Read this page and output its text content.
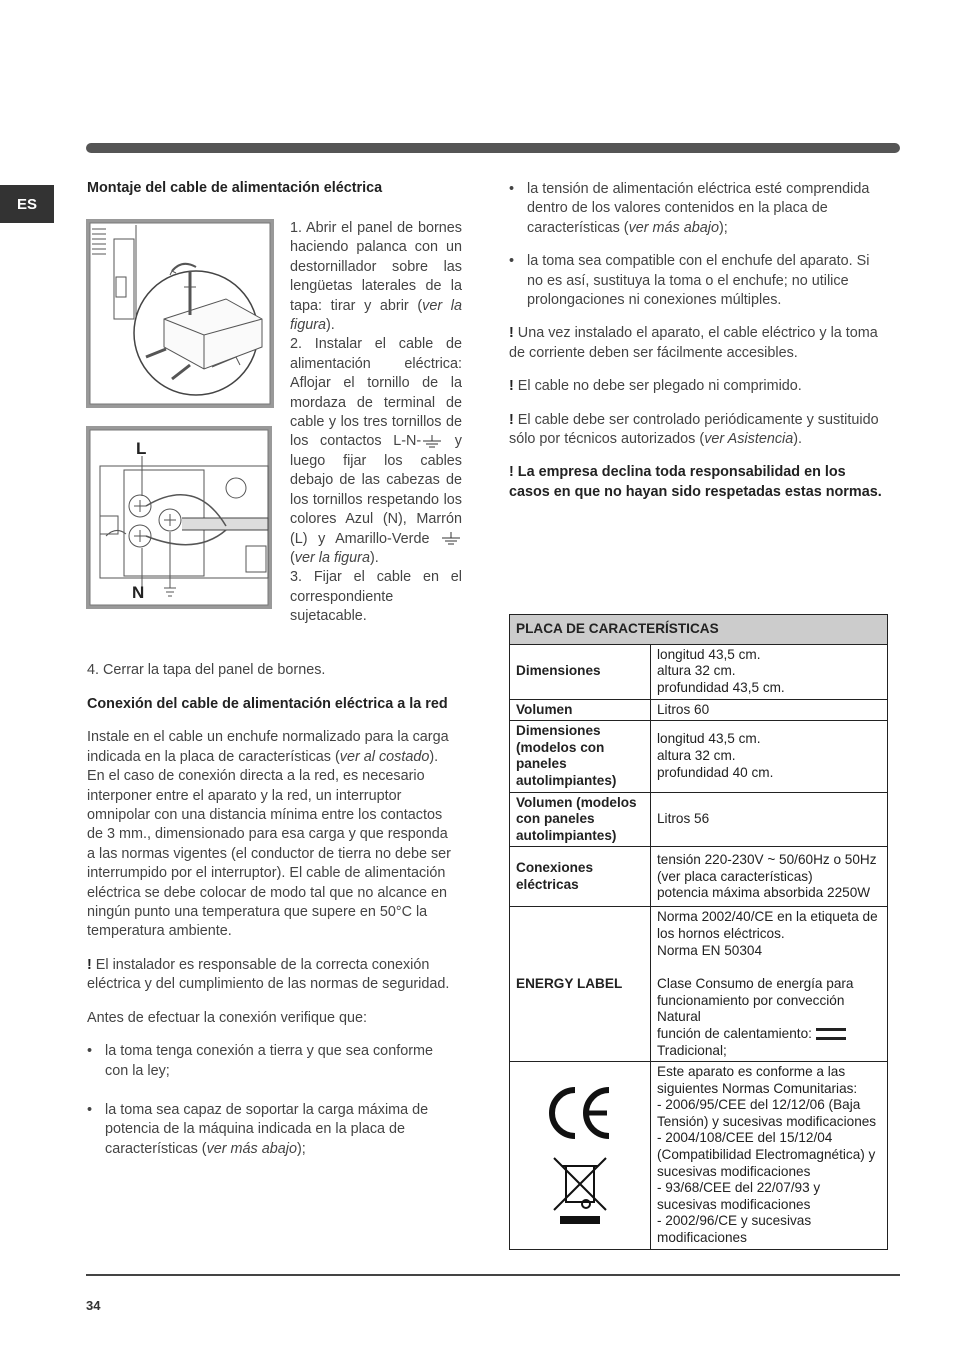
ES

Montaje del cable de alimentación eléctrica

L
N

1. Abrir el panel de bornes haciendo palanca con un destornillador sobre las lengüetas laterales de la tapa: tirar y abrir (ver la figura).

2. Instalar el cable de alimentación eléctrica: Aflojar el tornillo de la mordaza de terminal de cable y los tres tornillos de los contactos L-N- y luego fijar los cables debajo de las cabezas de los tornillos respetando los colores Azul (N), Marrón (L) y Amarillo-Verde  (ver la figura).

3. Fijar el cable en el correspondiente sujetacable.

4. Cerrar la tapa del panel de bornes.

Conexión del cable de alimentación eléctrica a la red

Instale en el cable un enchufe normalizado para la carga indicada en la placa de características (ver al costado).

En el caso de conexión directa a la red, es necesario interponer entre el aparato y la red, un interruptor omnipolar con una distancia mínima entre los contactos de 3 mm., dimensionado para esa carga y que responda a las normas vigentes (el conductor de tierra no debe ser interrumpido por el interruptor). El cable de alimentación eléctrica se debe colocar de modo tal que no alcance en ningún punto una temperatura que supere en 50°C la temperatura ambiente.

! El instalador es responsable de la correcta conexión eléctrica y del cumplimiento de las normas de seguridad.

Antes de efectuar la conexión verifique que:

• la toma tenga conexión a tierra y que sea conforme con la ley;
• la toma sea capaz de soportar la carga máxima de potencia de la máquina indicada en la placa de características (ver más abajo);
• la tensión de alimentación eléctrica esté comprendida dentro de los valores contenidos en la placa de características (ver más abajo);
• la toma sea compatible con el enchufe del aparato. Si no es así, sustituya la toma o el enchufe; no utilice prolongaciones ni conexiones múltiples.

! Una vez instalado el aparato, el cable eléctrico y la toma de corriente deben ser fácilmente accesibles.

! El cable no debe ser plegado ni comprimido.

! El cable debe ser controlado periódicamente y sustituido sólo por técnicos autorizados (ver Asistencia).

! La empresa declina toda responsabilidad en los casos en que no hayan sido respetadas estas normas.

PLACA DE CARACTERÍSTICAS	
Dimensiones	longitud 43,5 cm.
altura 32 cm.
profundidad 43,5 cm.

Volumen	Litros 60
Dimensiones (modelos con paneles autolimpiantes)	longitud 43,5 cm.
altura 32 cm.
profundidad 40 cm.

Volumen (modelos con paneles autolimpiantes)	Litros 56
Conexiones eléctricas	tensión 220-230V ~ 50/60Hz o 50Hz (ver placa características)
potencia máxima absorbida 2250W

ENERGY LABEL	Norma 2002/40/CE en la etiqueta de los hornos eléctricos.
Norma EN 50304
Clase Consumo de energía para funcionamiento por convección Natural
función de calentamiento:
Tradicional;

Este aparato es conforme a las siguientes Normas Comunitarias:
- 2006/95/CEE del 12/12/06 (Baja Tensión) y sucesivas modificaciones
- 2004/108/CEE del 15/12/04 (Compatibilidad Electromagnética) y sucesivas modificaciones
- 93/68/CEE del 22/07/93 y sucesivas modificaciones
- 2002/96/CE y sucesivas modificaciones
34
